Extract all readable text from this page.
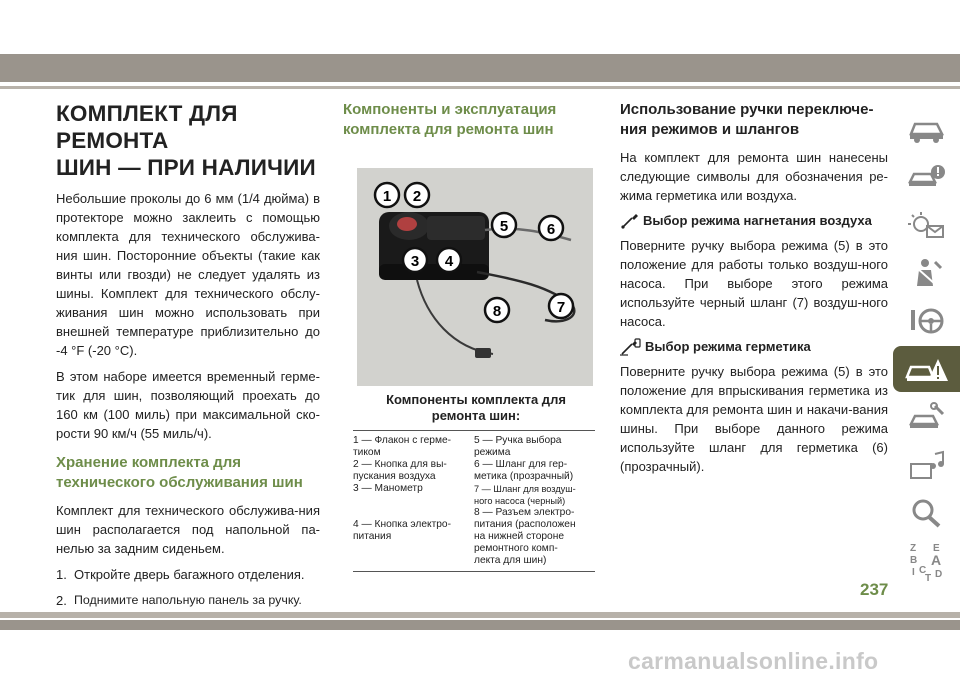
КОМПЛЕКТ ДЛЯ РЕМОНТА
ШИН — ПРИ НАЛИЧИИ

Небольшие проколы до 6 мм (1/4 дюйма) в протекторе можно заклеить с помощью комплекта для технического обслужива-ния шин. Посторонние объекты (такие как винты или гвозди) не следует удалять из шины. Комплект для технического обслу-живания шин можно использовать при внешней температуре приблизительно до -4 °F (-20 °C).

В этом наборе имеется временный герме-тик для шин, позволяющий проехать до 160 км (100 миль) при максимальной ско-рости 90 км/ч (55 миль/ч).

Хранение комплекта для
технического обслуживания шин

Комплект для технического обслужива-ния шин располагается под напольной па-нелью за задним сиденьем.

1. Откройте дверь багажного отделения.
2. Поднимите напольную панель за ручку.
Компоненты и эксплуатация
комплекта для ремонта шин
1 2
3 4
5	6
7
8
Компоненты комплекта для
ремонта шин:
1 — Флакон с герме-
тиком
2 — Кнопка для вы-
пускания воздуха
3 — Манометр
4 — Кнопка электро-
питания
5 — Ручка выбора
режима
6 — Шланг для гер-
метика (прозрачный)
7 — Шланг для воздуш-
ного насоса (черный)
8 — Разъем электро-
питания (расположен
на нижней стороне
ремонтного комп-
лекта для шин)
Использование ручки переключе-
ния режимов и шлангов

На комплект для ремонта шин нанесены следующие символы для обозначения ре-жима герметика или воздуха.

Выбор режима нагнетания воздуха

Поверните ручку выбора режима (5) в это положение для работы только воздуш-ного насоса. При выборе этого режима используйте черный шланг (7) воздуш-ного насоса.

Выбор режима герметика

Поверните ручку выбора режима (5) в это положение для впрыскивания герметика из комплекта для ремонта шин и накачи-вания шины. При выборе данного режима используйте шланг для герметика (6) (прозрачный).

Z
B
E
A
C D
I
T
237
carmanualsonline.info
